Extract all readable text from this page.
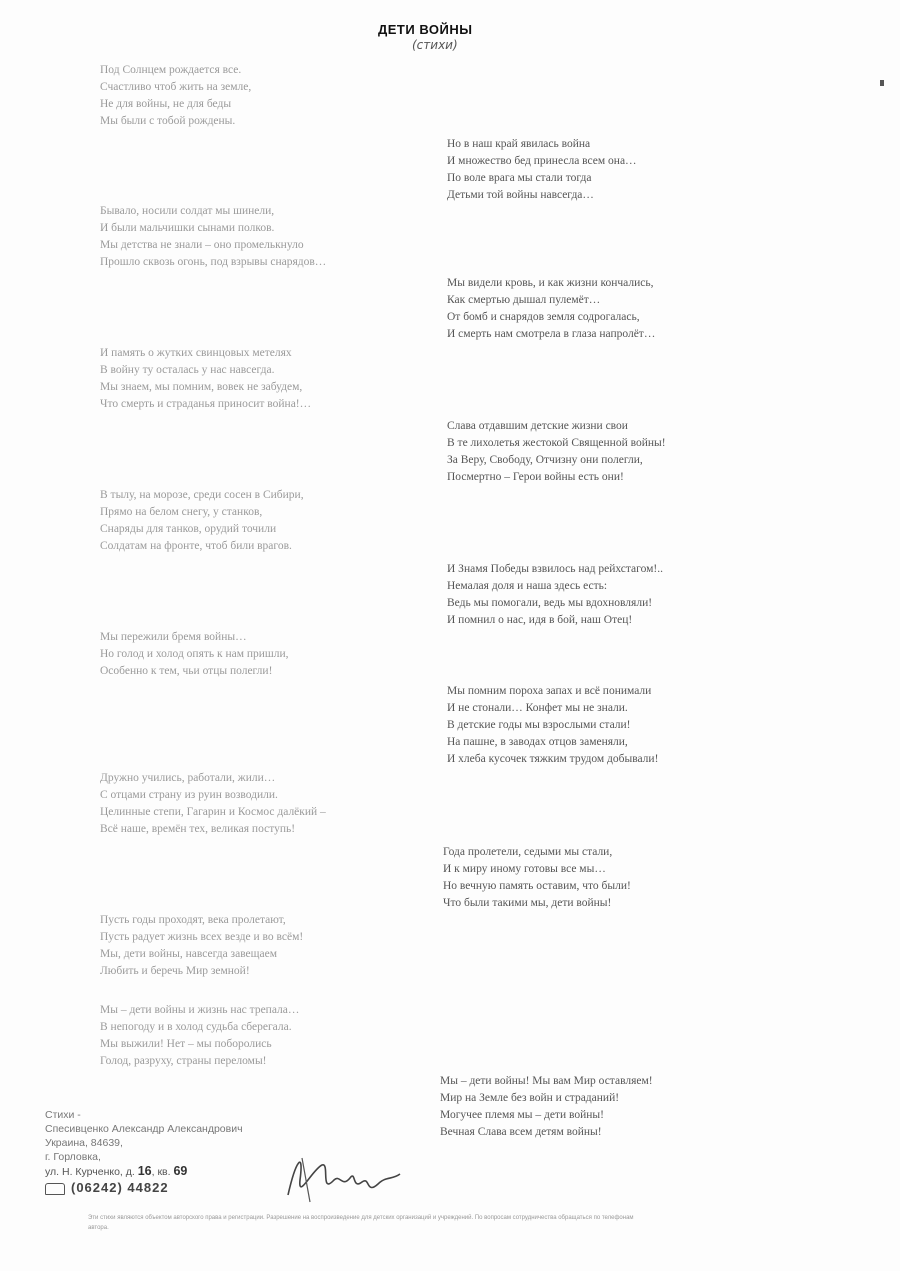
ДЕТИ ВОЙНЫ
(стихи)
Под Солнцем рождается все.
Счастливо чтоб жить на земле,
Не для войны, не для беды
Мы были с тобой рождены.
Бывало, носили солдат мы шинели,
И были мальчишки сынами полков.
Мы детства не знали – оно промелькнуло
Прошло сквозь огонь, под взрывы снарядов…
И память о жутких свинцовых метелях
В войну ту осталась у нас навсегда.
Мы знаем, мы помним, вовек не забудем,
Что смерть и страданья приносит война!…
В тылу, на морозе, среди сосен в Сибири,
Прямо на белом снегу, у станков,
Снаряды для танков, орудий точили
Солдатам на фронте, чтоб били врагов.
Мы пережили бремя войны…
Но голод и холод опять к нам пришли,
Особенно к тем, чьи отцы полегли!
Дружно учились, работали, жили…
С отцами страну из руин возводили.
Целинные степи, Гагарин и Космос далёкий –
Всё наше, времён тех, великая поступь!
Пусть годы проходят, века пролетают,
Пусть радует жизнь всех везде и во всём!
Мы, дети войны, навсегда завещаем
Любить и беречь Мир земной!
Мы – дети войны и жизнь нас трепала…
В непогоду и в холод судьба сберегала.
Мы выжили! Нет – мы поборолись
Голод, разруху, страны переломы!
Но в наш край явилась война
И множество бед принесла всем она…
По воле врага мы стали тогда
Детьми той войны навсегда…
Мы видели кровь, и как жизни кончались,
Как смертью дышал пулемёт…
От бомб и снарядов земля содрогалась,
И смерть нам смотрела в глаза напролёт…
Слава отдавшим детские жизни свои
В те лихолетья жестокой Священной войны!
За Веру, Свободу, Отчизну они полегли,
Посмертно – Герои войны есть они!
И Знамя Победы взвилось над рейхстагом!..
Немалая доля и наша здесь есть:
Ведь мы помогали, ведь мы вдохновляли!
И помнил о нас, идя в бой, наш Отец!
Мы помним пороха запах и всё понимали
И не стонали… Конфет мы не знали.
В детские годы мы взрослыми стали!
На пашне, в заводах отцов заменяли,
И хлеба кусочек тяжким трудом добывали!
Года пролетели, седыми мы стали,
И к миру иному готовы все мы…
Но вечную память оставим, что были!
Что были такими мы, дети войны!
Мы – дети войны! Мы вам Мир оставляем!
Мир на Земле без войн и страданий!
Могучее племя мы – дети войны!
Вечная Слава всем детям войны!
Стихи -
Спесивценко Александр Александрович
Украина, 84639,
г. Горловка,
ул. Н. Курченко, д. 16, кв. 69
(06242) 44822
Эти стихи являются объектом авторского права и регистрации. Разрешение на воспроизведение для детских организаций и учреждений. По вопросам сотрудничества обращаться по телефонам автора.
